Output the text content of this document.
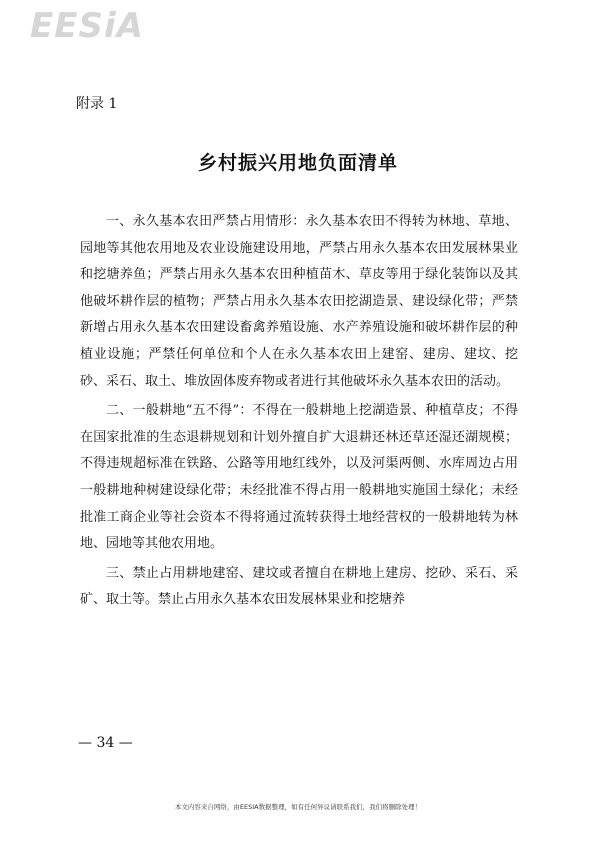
EESiA
附录 1
乡村振兴用地负面清单

一、永久基本农田严禁占用情形：永久基本农田不得转为林地、草地、园地等其他农用地及农业设施建设用地，严禁占用永久基本农田发展林果业和挖塘养鱼；严禁占用永久基本农田种植苗木、草皮等用于绿化装饰以及其他破坏耕作层的植物；严禁占用永久基本农田挖湖造景、建设绿化带；严禁新增占用永久基本农田建设畜禽养殖设施、水产养殖设施和破坏耕作层的种植业设施；严禁任何单位和个人在永久基本农田上建窑、建房、建坟、挖砂、采石、取土、堆放固体废弃物或者进行其他破坏永久基本农田的活动。

二、一般耕地“五不得”：不得在一般耕地上挖湖造景、种植草皮；不得在国家批准的生态退耕规划和计划外擅自扩大退耕还林还草还湿还湖规模；不得违规超标准在铁路、公路等用地红线外，以及河渠两侧、水库周边占用一般耕地种树建设绿化带；未经批准不得占用一般耕地实施国土绿化；未经批准工商企业等社会资本不得将通过流转获得土地经营权的一般耕地转为林地、园地等其他农用地。

三、禁止占用耕地建窑、建坟或者擅自在耕地上建房、挖砂、采石、采矿、取土等。禁止占用永久基本农田发展林果业和挖塘养

— 34 —
本文内容来自网络，由EESIA数据整理，如有任何异议请联系我们，我们将删除处理！
